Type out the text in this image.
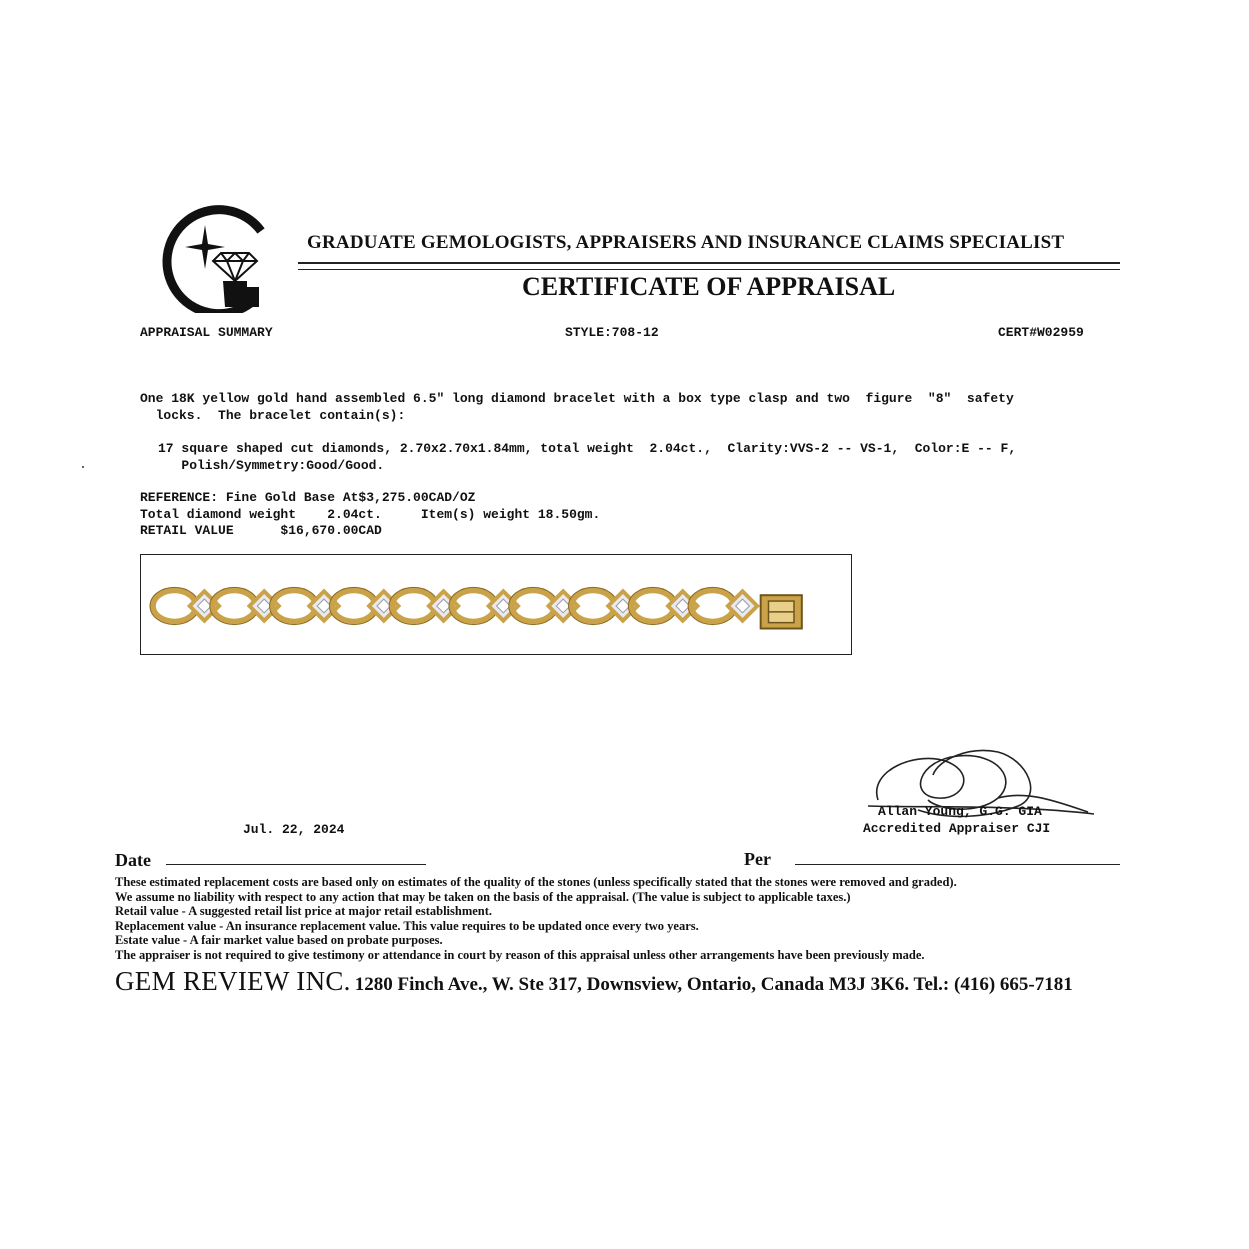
GRADUATE GEMOLOGISTS, APPRAISERS AND INSURANCE CLAIMS SPECIALIST
CERTIFICATE OF APPRAISAL
APPRAISAL SUMMARY	STYLE:708-12	CERT#W02959
One 18K yellow gold hand assembled 6.5" long diamond bracelet with a box type clasp and two  figure  "8"  safety
locks.  The bracelet contain(s):
17 square shaped cut diamonds, 2.70x2.70x1.84mm, total weight  2.04ct.,  Clarity:VVS-2 -- VS-1,  Color:E -- F,
Polish/Symmetry:Good/Good.
REFERENCE: Fine Gold Base At$3,275.00CAD/OZ
Total diamond weight    2.04ct.     Item(s) weight 18.50gm.
RETAIL VALUE      $16,670.00CAD
Allan Young, G.G. GIA
Accredited Appraiser CJI
Jul. 22, 2024
Date	Per
These estimated replacement costs are based only on estimates of the quality of the stones (unless specifically stated that the stones were removed and graded).
We assume no liability with respect to any action that may be taken on the basis of the appraisal. (The value is subject to applicable taxes.)
Retail value - A suggested retail list price at major retail establishment.
Replacement value - An insurance replacement value. This value requires to be updated once every two years.
Estate value - A fair market value based on probate purposes.
The appraiser is not required to give testimony or attendance in court by reason of this appraisal unless other arrangements have been previously made.
GEM REVIEW INC. 1280 Finch Ave., W. Ste 317, Downsview, Ontario, Canada M3J 3K6. Tel.: (416) 665-7181
